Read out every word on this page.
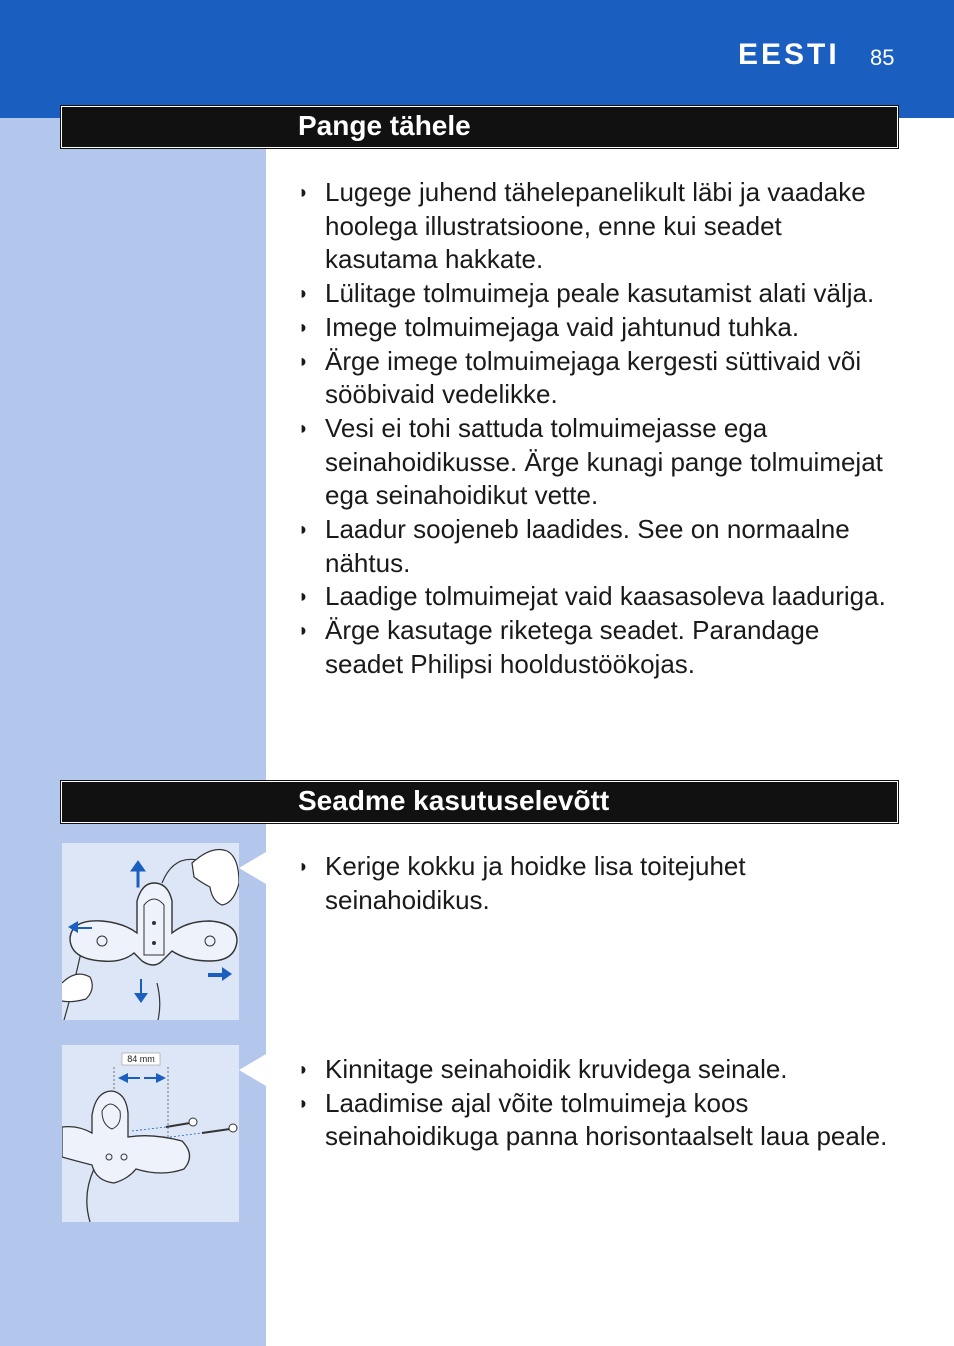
EESTI 85
Pange tähele
◗ Lugege juhend tähelepanelikult läbi ja vaadake hoolega illustratsioone, enne kui seadet kasutama hakkate.
◗ Lülitage tolmuimeja peale kasutamist alati välja.
◗ Imege tolmuimejaga vaid jahtunud tuhka.
◗ Ärge imege tolmuimejaga kergesti süttivaid või sööbivaid vedelikke.
◗ Vesi ei tohi sattuda tolmuimejasse ega seinahoidikusse. Ärge kunagi pange tolmuimejat ega seinahoidikut vette.
◗ Laadur soojeneb laadides. See on normaalne nähtus.
◗ Laadige tolmuimejat vaid kaasasoleva laaduriga.
◗ Ärge kasutage riketega seadet. Parandage seadet Philipsi hooldustöökojas.
Seadme kasutuselevõtt
◗ Kerige kokku ja hoidke lisa toitejuhet seinahoidikus.
84 mm	◗ Kinnitage seinahoidik kruvidega seinale.
◗ Laadimise ajal võite tolmuimeja koos seinahoidikuga panna horisontaalselt laua peale.
